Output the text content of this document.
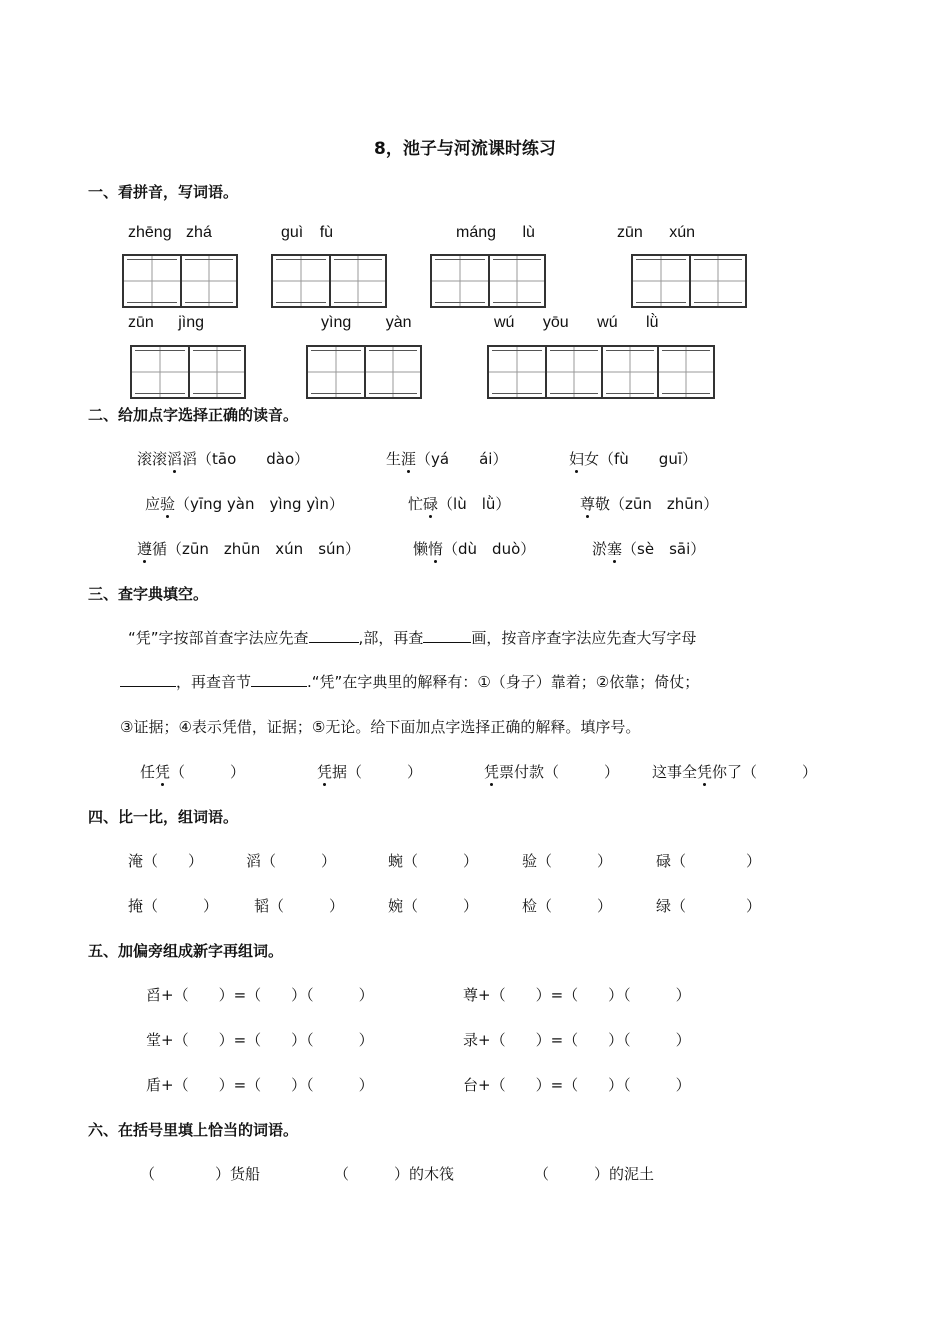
8，池子与河流课时练习
一、看拼音，写词语。
zhēng zhá	guì fù	máng lù	zūn xún
zūn jìng	yìng yàn	wú yōu wú lǜ
二、给加点字选择正确的读音。
滚滚滔滔（tāo　　dào）	生涯（yá　　ái）	妇女（fù　　guī）
应验（yīng yàn　yìng yìn）	忙碌（lù　lǜ）	尊敬（zūn　zhūn）
遵循（zūn　zhūn　xún　sún）	懒惰（dù　duò）	淤塞（sè　sāi）
三、查字典填空。
“凭”字按部首查字法应先查	,部，再查	画，按音序查字法应先查大写字母
，再查音节	.“凭”在字典里的解释有：①（身子）靠着；②依靠；倚仗；
③证据；④表示凭借，证据；⑤无论。给下面加点字选择正确的解释。填序号。
任凭（　　　）	凭据（　　　）	凭票付款（　　　） 这事全凭你了（　　　）
四、比一比，组词语。
淹（　　）	滔（　　　）	蜿（　　　）	验（　　　）	碌（　　　　）
掩（　　　） 韬（　　　）	婉（　　　）	检（　　　）	绿（　　　　）
五、加偏旁组成新字再组词。
舀+（　　）=（　　）（　　　）	尊+（　　）=（　　）（　　　）
堂+（　　）=（　　）（　　　）	录+（　　）=（　　）（　　　）
盾+（　　）=（　　）（　　　）	台+（　　）=（　　）（　　　）
六、在括号里填上恰当的词语。
（　　　　）货船	（　　　）的木筏	（　　　）的泥土
